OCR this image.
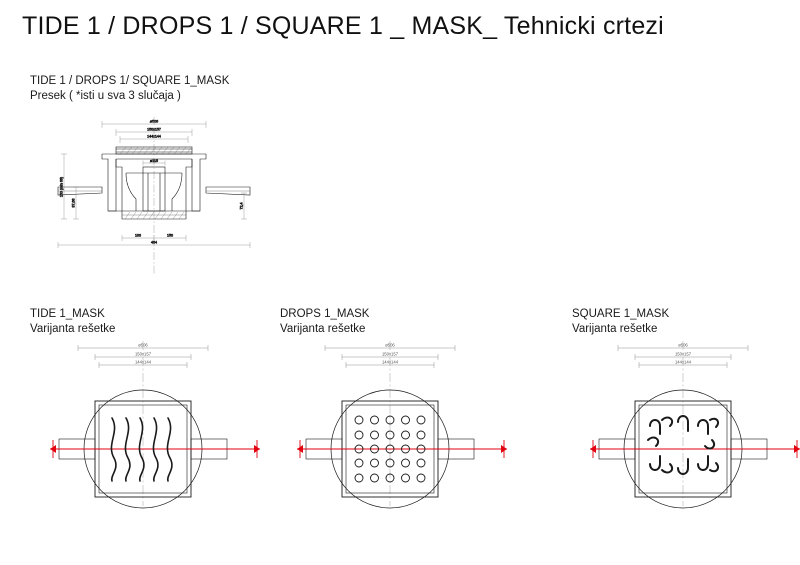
TIDE 1 / DROPS 1 / SQUARE 1 _ MASK_ Tehnicki crtezi
TIDE 1 / DROPS 1/ SQUARE 1_MASK
Presek ( *isti u sva 3 slučaja )
TIDE 1_MASK
Varijanta rešetke
DROPS 1_MASK
Varijanta rešetke
SQUARE 1_MASK
Varijanta rešetke
ø506
150x157
144x144
ø115
150 (min 66)
87,66	72,4
404
100	150
ø506
150x157
144x144
ø506
150x157
144x144
ø506
150x157
144x144
